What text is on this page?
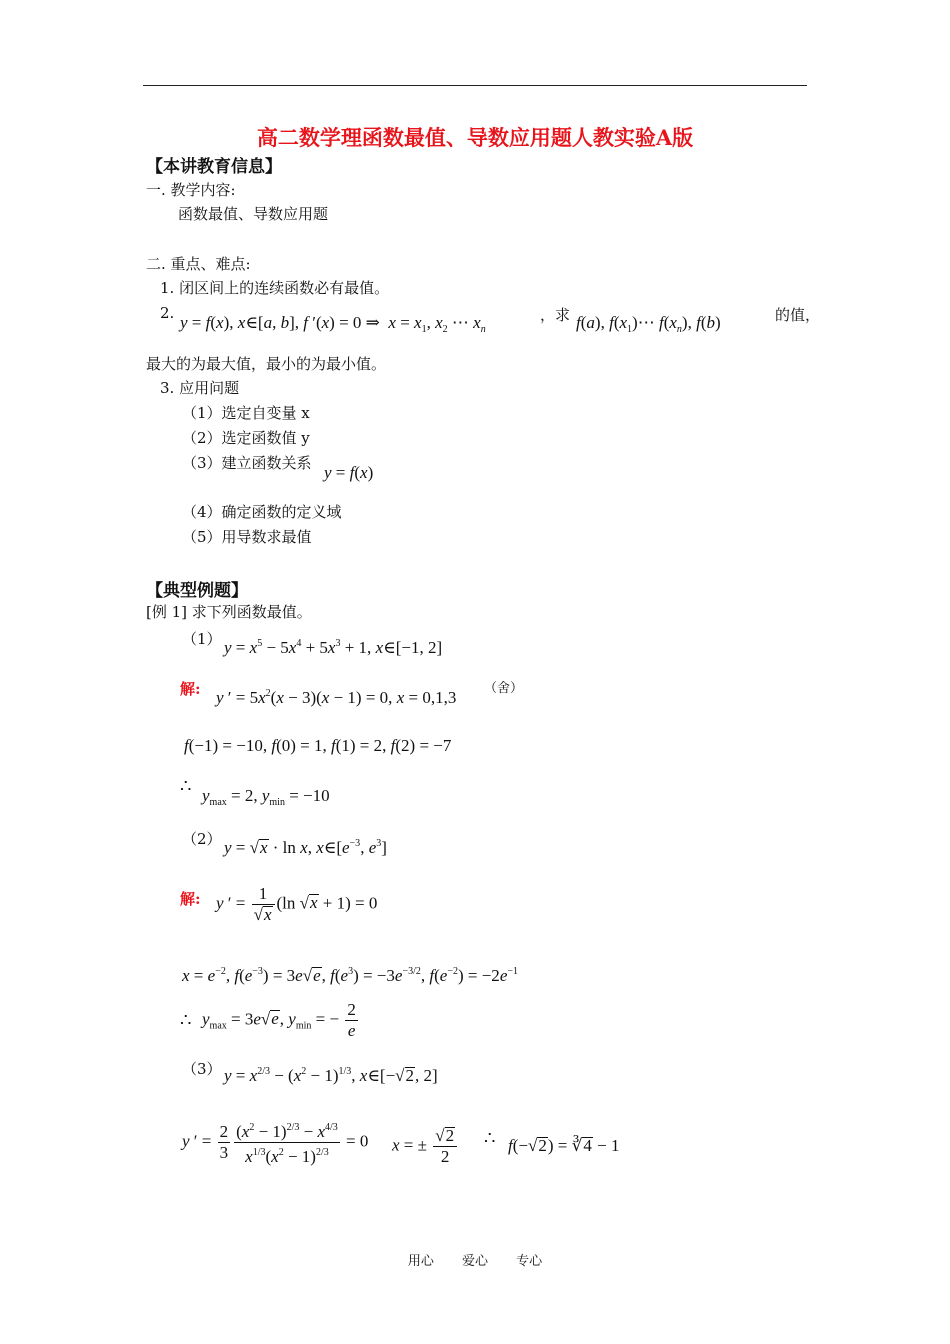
高二数学理函数最值、导数应用题人教实验A版
【本讲教育信息】
一. 教学内容:
函数最值、导数应用题
二. 重点、难点:
1. 闭区间上的连续函数必有最值。
2. y = f(x), x∈[a, b], f ′(x) = 0 ⇒  $x = x_1$, $x_2$ ⋯ $x_n$
，求 f(a), $f(x_1)\cdots$ $f(x_n)$, f(b)	的值，
最大的为最大值，最小的为最小值。
3. 应用问题
（1）选定自变量 x
（2）选定函数值 y
（3）建立函数关系 y = f(x)
（4）确定函数的定义域
（5）用导数求最值
【典型例题】
[例 1] 求下列函数最值。
（1） $y = x^5 - 5x^4 + 5x^3 + 1$, x∈[−1, 2]
解: y ′ = $5x^2(x - 3)(x - 1) = 0$, x = 0,1,3 （舍）
f(−1) = −10, f(0) = 1, f(1) = 2, f(2) = −7
∴ $y_{max} = 2$, $y_{min} = -10$
（2） y = √x · ln x, $x\in[e^{-3}$, $e^3$]
解: y ′ = $\frac{1}{√x} (\ln$ √x + 1) = 0
$x = e^{-2}$, $f(e^{-3}) = 3e√e$, $f(e^3) = -3e^{-3/2}$, $f(e^{-2}) = -2e^{-1}$
∴ $y_{max} = 3e√e$, $y_{min}$ = − $\frac{2}{e}$
（3） $y = x^{2/3} - (x^2 - 1)^{1/3}$, x∈[−√2, 2]
y ′ = $\frac{2}{3} \frac{(x^2 - 1)^{2/3} - x^{4/3}}{x^{1/3}(x^2 - 1)^{2/3}} = 0$ x = ± $\frac{√2}{2}$ ∴ f(−√2) = ∛4 − 1
用心 爱心 专心
